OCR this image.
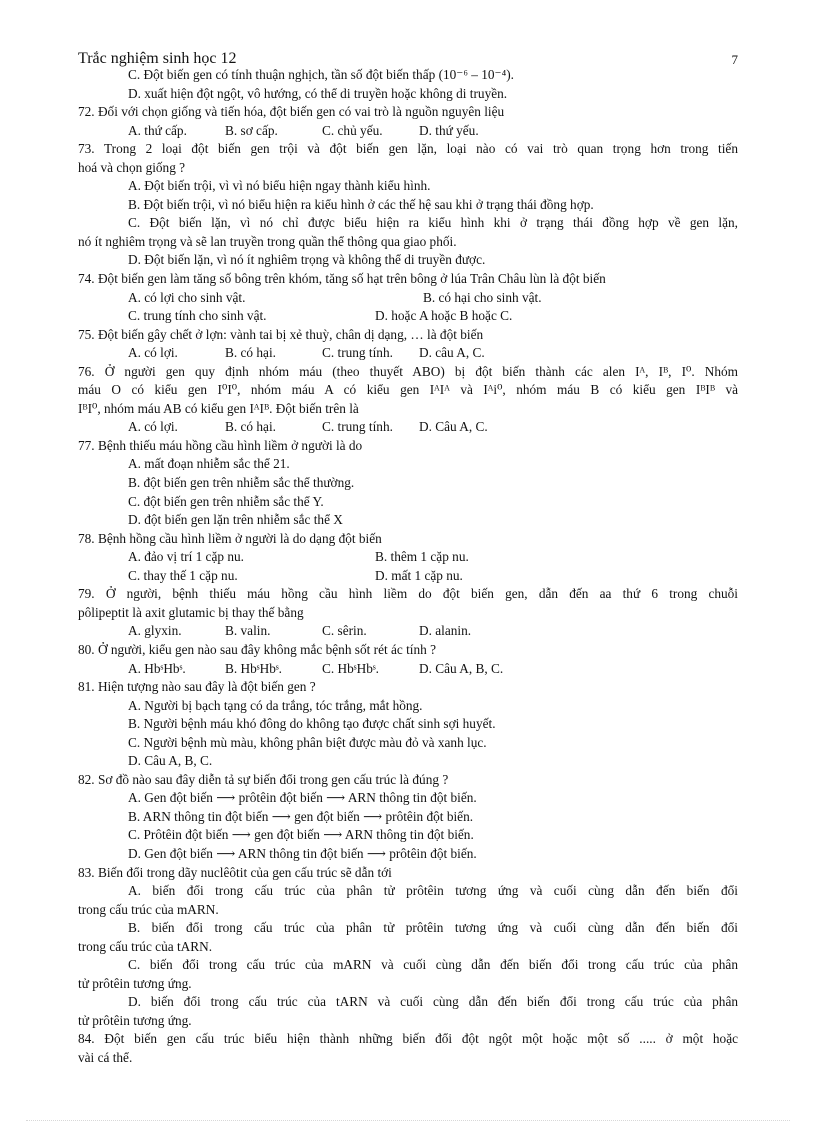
Trắc nghiệm sinh học 12	7
C. Đột biến gen có tính thuận nghịch, tần số đột biến thấp (10⁻⁶ – 10⁻⁴).
D. xuất hiện đột ngột, vô hướng, có thể di truyền hoặc không di truyền.
72. Đối với chọn giống và tiến hóa, đột biến gen có vai trò là nguồn nguyên liệu
A. thứ cấp.	B. sơ cấp.	C. chủ yếu.	D. thứ yếu.
73. Trong 2 loại đột biến gen trội và đột biến gen lặn, loại nào có vai trò quan trọng hơn trong tiến
hoá và chọn giống ?
A. Đột biến trội, vì vì nó biểu hiện ngay thành kiểu hình.
B. Đột biến trội, vì nó biểu hiện ra kiểu hình ở các thế hệ sau khi ở trạng thái đồng hợp.
C. Đột biến lặn, vì nó chỉ được biểu hiện ra kiểu hình khi ở trạng thái đồng hợp về gen lặn,
nó ít nghiêm trọng và sẽ lan truyền trong quần thể thông qua giao phối.
D. Đột biến lặn, vì nó ít nghiêm trọng và không thể di truyền được.
74. Đột biến gen làm tăng số bông trên khóm, tăng số hạt trên bông ở lúa Trân Châu lùn là đột biến
A. có lợi cho sinh vật.	B. có hại cho sinh vật.
C. trung tính cho sinh vật.	D. hoặc A hoặc B hoặc C.
75. Đột biến gây chết ở lợn: vành tai bị xẻ thuỳ, chân dị dạng, … là đột biến
A. có lợi.	B. có hại.	C. trung tính.	D. câu A, C.
76. Ở người gen quy định nhóm máu (theo thuyết ABO) bị đột biến thành các alen Iᴬ, Iᴮ, I⁰. Nhóm
máu O có kiểu gen I⁰I⁰, nhóm máu A có kiểu gen IᴬIᴬ và Iᴬi⁰, nhóm máu B có kiểu gen IᴮIᴮ và
IᴮI⁰, nhóm máu AB có kiểu gen IᴬIᴮ. Đột biến trên là
A. có lợi.	B. có hại.	C. trung tính.	D. Câu A, C.
77. Bệnh thiếu máu hồng cầu hình liềm ở người là do
A. mất đoạn nhiễm sắc thể 21.
B. đột biến gen trên nhiễm sắc thể thường.
C. đột biến gen trên nhiễm sắc thể Y.
D. đột biến gen lặn trên nhiễm sắc thể X
78. Bệnh hồng cầu hình liềm ở người là do dạng đột biến
A. đảo vị trí 1 cặp nu.	B. thêm 1 cặp nu.
C. thay thế 1 cặp nu.	D. mất 1 cặp nu.
79. Ở người, bệnh thiếu máu hồng cầu hình liềm do đột biến gen, dẫn đến aa thứ 6 trong chuỗi
pôlipeptit là axit glutamic bị thay thế bằng
A. glyxin.	B. valin.	C. sêrin.	D. alanin.
80. Ở người, kiểu gen nào sau đây không mắc bệnh sốt rét ác tính ?
A. HbˢHbˢ.	B. HbˢHbˢ.	C. HbˢHbˢ.	D. Câu A, B, C.
81. Hiện tượng nào sau đây là đột biến gen ?
A. Người bị bạch tạng có da trắng, tóc trắng, mắt hồng.
B. Người bệnh máu khó đông do không tạo được chất sinh sợi huyết.
C. Người bệnh mù màu, không phân biệt được màu đỏ và xanh lục.
D. Câu A, B, C.
82. Sơ đồ nào sau đây diễn tả sự biến đổi trong gen cấu trúc là đúng ?
A. Gen đột biến ⟶ prôtêin đột biến ⟶ ARN thông tin đột biến.
B. ARN thông tin đột biến ⟶ gen đột biến ⟶ prôtêin đột biến.
C. Prôtêin đột biến ⟶ gen đột biến ⟶ ARN thông tin đột biến.
D. Gen đột biến ⟶ ARN thông tin đột biến ⟶ prôtêin đột biến.
83. Biến đổi trong dãy nuclêôtit của gen cấu trúc sẽ dẫn tới
A. biến đổi trong cấu trúc của phân tử prôtêin tương ứng và cuối cùng dẫn đến biến đổi
trong cấu trúc của mARN.
B. biến đổi trong cấu trúc của phân tử prôtêin tương ứng và cuối cùng dẫn đến biến đổi
trong cấu trúc của tARN.
C. biến đổi trong cấu trúc của mARN và cuối cùng dẫn đến biến đổi trong cấu trúc của phân
tử prôtêin tương ứng.
D. biến đổi trong cấu trúc của tARN và cuối cùng dẫn đến biến đổi trong cấu trúc của phân
tử prôtêin tương ứng.
84. Đột biến gen cấu trúc biểu hiện thành những biến đổi đột ngột một hoặc một số ..... ở một hoặc
vài cá thể.
